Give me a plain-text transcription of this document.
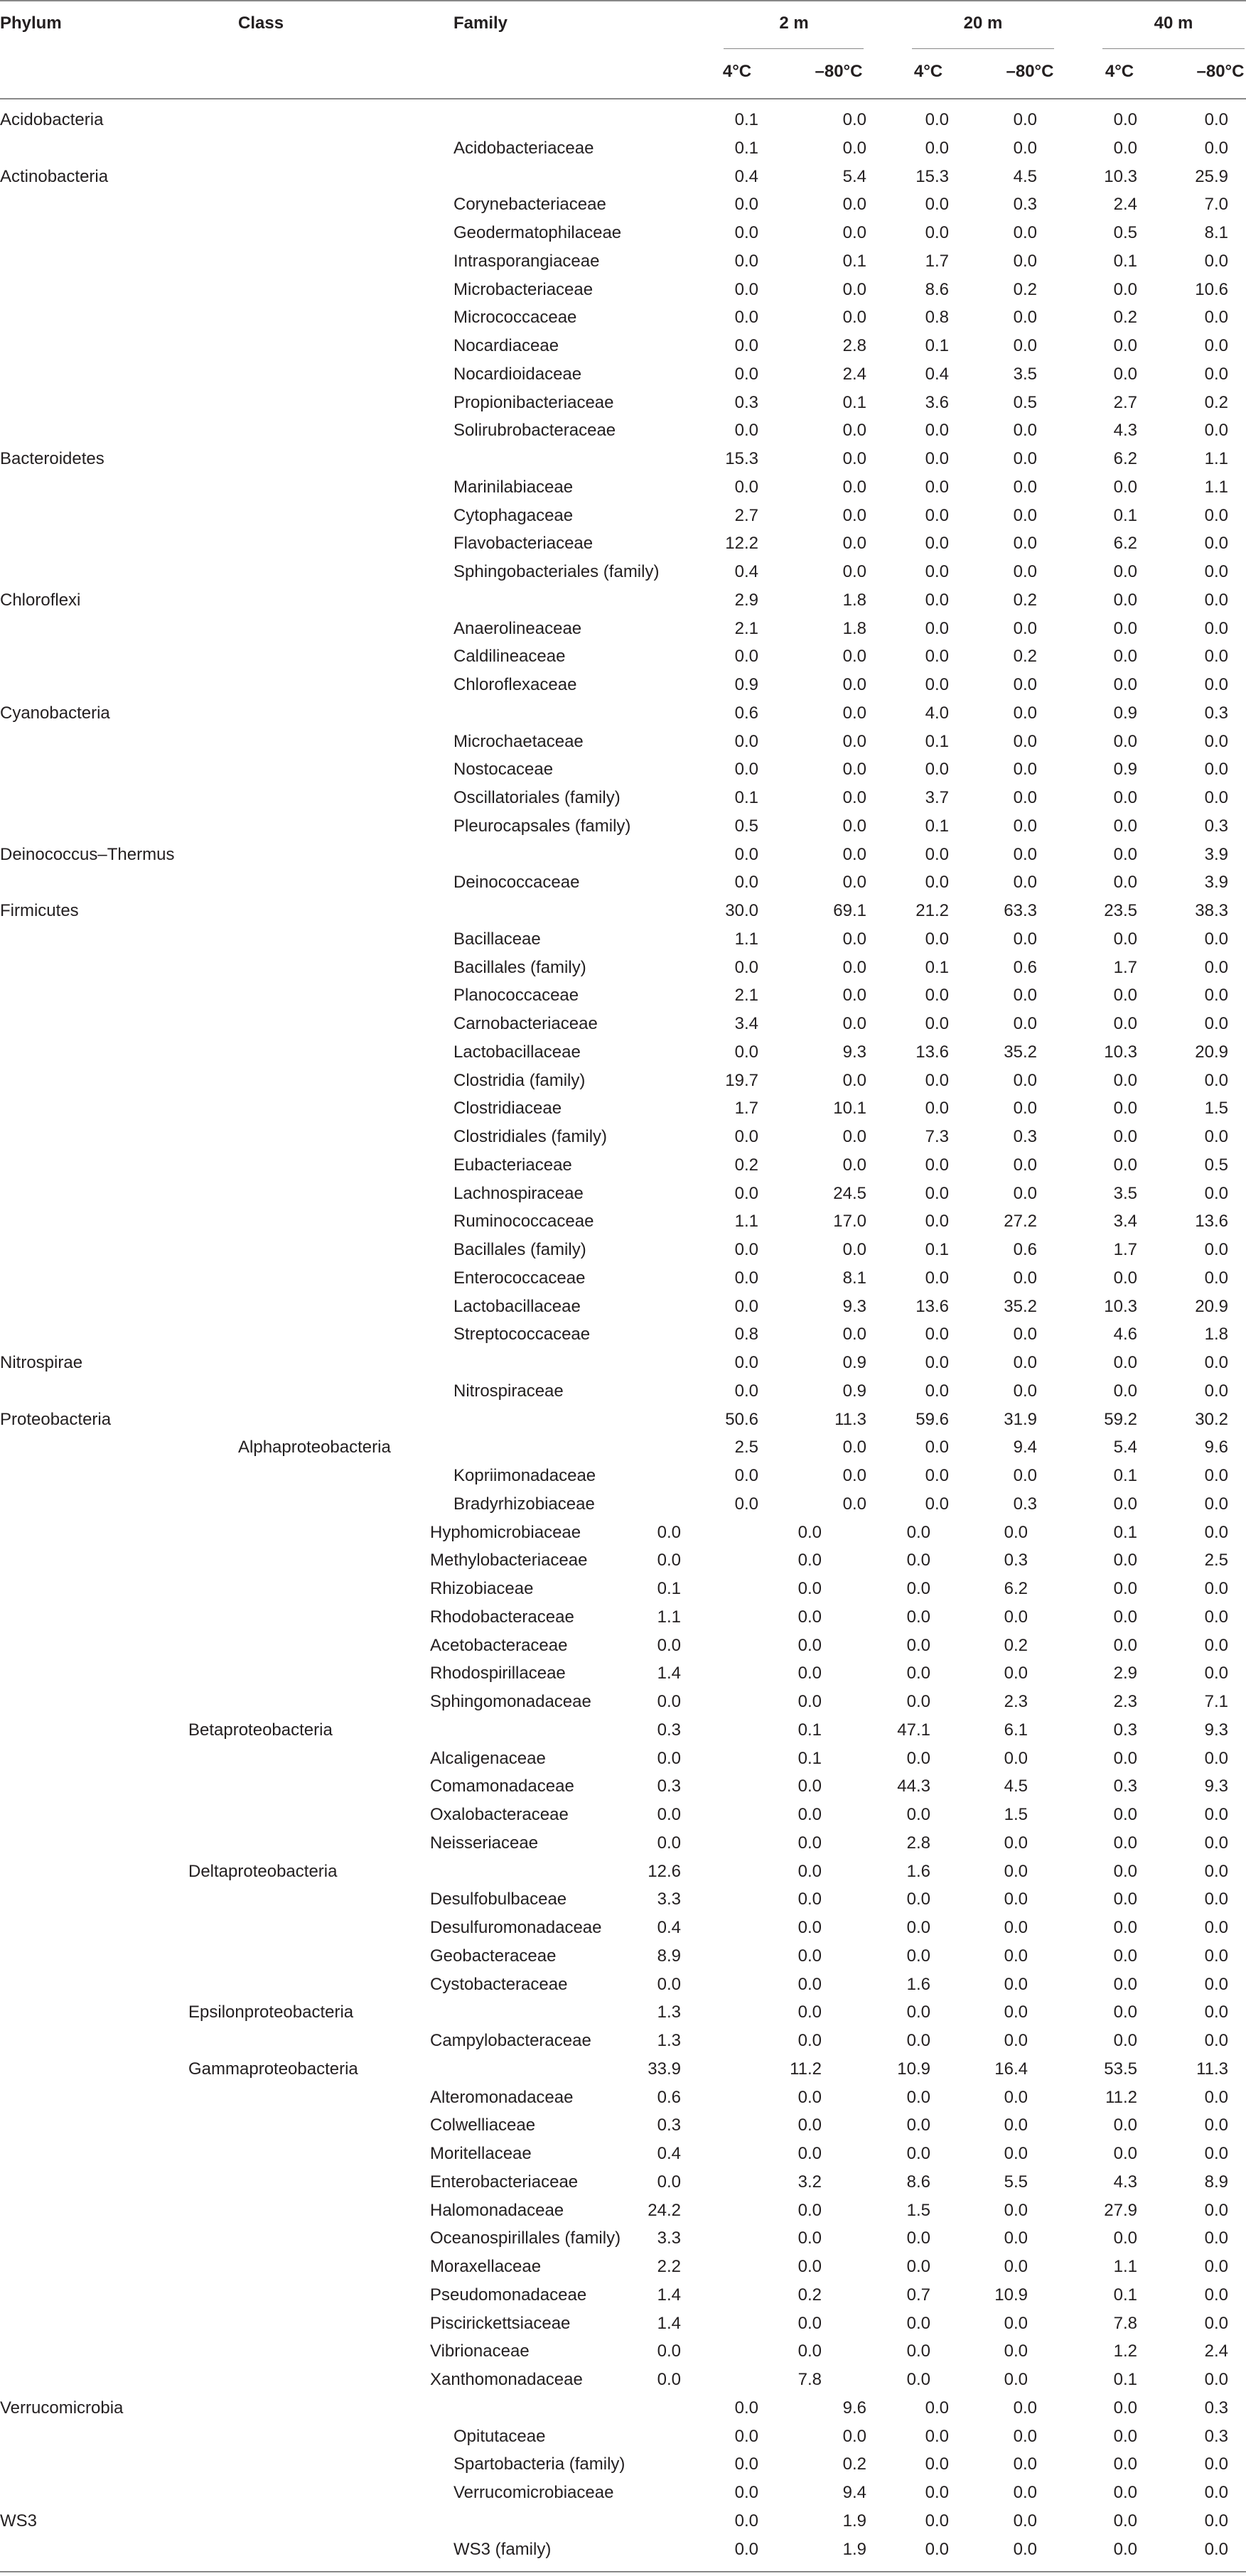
Phylum	Class	Family	2 m	20 m	40 m
4°C	–80°C	4°C	–80°C	4°C	–80°C
Acidobacteria	0.1	0.0	0.0	0.0	0.0	0.0
Acidobacteriaceae	0.1	0.0	0.0	0.0	0.0	0.0
Actinobacteria	0.4	5.4	15.3	4.5	10.3	25.9
Corynebacteriaceae	0.0	0.0	0.0	0.3	2.4	7.0
Geodermatophilaceae	0.0	0.0	0.0	0.0	0.5	8.1
Intrasporangiaceae	0.0	0.1	1.7	0.0	0.1	0.0
Microbacteriaceae	0.0	0.0	8.6	0.2	0.0	10.6
Micrococcaceae	0.0	0.0	0.8	0.0	0.2	0.0
Nocardiaceae	0.0	2.8	0.1	0.0	0.0	0.0
Nocardioidaceae	0.0	2.4	0.4	3.5	0.0	0.0
Propionibacteriaceae	0.3	0.1	3.6	0.5	2.7	0.2
Solirubrobacteraceae	0.0	0.0	0.0	0.0	4.3	0.0
Bacteroidetes	15.3	0.0	0.0	0.0	6.2	1.1
Marinilabiaceae	0.0	0.0	0.0	0.0	0.0	1.1
Cytophagaceae	2.7	0.0	0.0	0.0	0.1	0.0
Flavobacteriaceae	12.2	0.0	0.0	0.0	6.2	0.0
Sphingobacteriales (family)	0.4	0.0	0.0	0.0	0.0	0.0
Chloroflexi	2.9	1.8	0.0	0.2	0.0	0.0
Anaerolineaceae	2.1	1.8	0.0	0.0	0.0	0.0
Caldilineaceae	0.0	0.0	0.0	0.2	0.0	0.0
Chloroflexaceae	0.9	0.0	0.0	0.0	0.0	0.0
Cyanobacteria	0.6	0.0	4.0	0.0	0.9	0.3
Microchaetaceae	0.0	0.0	0.1	0.0	0.0	0.0
Nostocaceae	0.0	0.0	0.0	0.0	0.9	0.0
Oscillatoriales (family)	0.1	0.0	3.7	0.0	0.0	0.0
Pleurocapsales (family)	0.5	0.0	0.1	0.0	0.0	0.3
Deinococcus–Thermus	0.0	0.0	0.0	0.0	0.0	3.9
Deinococcaceae	0.0	0.0	0.0	0.0	0.0	3.9
Firmicutes	30.0	69.1	21.2	63.3	23.5	38.3
Bacillaceae	1.1	0.0	0.0	0.0	0.0	0.0
Bacillales (family)	0.0	0.0	0.1	0.6	1.7	0.0
Planococcaceae	2.1	0.0	0.0	0.0	0.0	0.0
Carnobacteriaceae	3.4	0.0	0.0	0.0	0.0	0.0
Lactobacillaceae	0.0	9.3	13.6	35.2	10.3	20.9
Clostridia (family)	19.7	0.0	0.0	0.0	0.0	0.0
Clostridiaceae	1.7	10.1	0.0	0.0	0.0	1.5
Clostridiales (family)	0.0	0.0	7.3	0.3	0.0	0.0
Eubacteriaceae	0.2	0.0	0.0	0.0	0.0	0.5
Lachnospiraceae	0.0	24.5	0.0	0.0	3.5	0.0
Ruminococcaceae	1.1	17.0	0.0	27.2	3.4	13.6
Bacillales (family)	0.0	0.0	0.1	0.6	1.7	0.0
Enterococcaceae	0.0	8.1	0.0	0.0	0.0	0.0
Lactobacillaceae	0.0	9.3	13.6	35.2	10.3	20.9
Streptococcaceae	0.8	0.0	0.0	0.0	4.6	1.8
Nitrospirae	0.0	0.9	0.0	0.0	0.0	0.0
Nitrospiraceae	0.0	0.9	0.0	0.0	0.0	0.0
Proteobacteria	50.6	11.3	59.6	31.9	59.2	30.2
Alphaproteobacteria	2.5	0.0	0.0	9.4	5.4	9.6
Kopriimonadaceae	0.0	0.0	0.0	0.0	0.1	0.0
Bradyrhizobiaceae	0.0	0.0	0.0	0.3	0.0	0.0
Hyphomicrobiaceae	0.0	0.0	0.0	0.0	0.1	0.0
Methylobacteriaceae	0.0	0.0	0.0	0.3	0.0	2.5
Rhizobiaceae	0.1	0.0	0.0	6.2	0.0	0.0
Rhodobacteraceae	1.1	0.0	0.0	0.0	0.0	0.0
Acetobacteraceae	0.0	0.0	0.0	0.2	0.0	0.0
Rhodospirillaceae	1.4	0.0	0.0	0.0	2.9	0.0
Sphingomonadaceae	0.0	0.0	0.0	2.3	2.3	7.1
Betaproteobacteria	0.3	0.1	47.1	6.1	0.3	9.3
Alcaligenaceae	0.0	0.1	0.0	0.0	0.0	0.0
Comamonadaceae	0.3	0.0	44.3	4.5	0.3	9.3
Oxalobacteraceae	0.0	0.0	0.0	1.5	0.0	0.0
Neisseriaceae	0.0	0.0	2.8	0.0	0.0	0.0
Deltaproteobacteria	12.6	0.0	1.6	0.0	0.0	0.0
Desulfobulbaceae	3.3	0.0	0.0	0.0	0.0	0.0
Desulfuromonadaceae	0.4	0.0	0.0	0.0	0.0	0.0
Geobacteraceae	8.9	0.0	0.0	0.0	0.0	0.0
Cystobacteraceae	0.0	0.0	1.6	0.0	0.0	0.0
Epsilonproteobacteria	1.3	0.0	0.0	0.0	0.0	0.0
Campylobacteraceae	1.3	0.0	0.0	0.0	0.0	0.0
Gammaproteobacteria	33.9	11.2	10.9	16.4	53.5	11.3
Alteromonadaceae	0.6	0.0	0.0	0.0	11.2	0.0
Colwelliaceae	0.3	0.0	0.0	0.0	0.0	0.0
Moritellaceae	0.4	0.0	0.0	0.0	0.0	0.0
Enterobacteriaceae	0.0	3.2	8.6	5.5	4.3	8.9
Halomonadaceae	24.2	0.0	1.5	0.0	27.9	0.0
Oceanospirillales (family) 3.3	0.0	0.0	0.0	0.0	0.0
Moraxellaceae	2.2	0.0	0.0	0.0	1.1	0.0
Pseudomonadaceae	1.4	0.2	0.7	10.9	0.1	0.0
Piscirickettsiaceae	1.4	0.0	0.0	0.0	7.8	0.0
Vibrionaceae	0.0	0.0	0.0	0.0	1.2	2.4
Xanthomonadaceae	0.0	7.8	0.0	0.0	0.1	0.0
Verrucomicrobia	0.0	9.6	0.0	0.0	0.0	0.3
Opitutaceae	0.0	0.0	0.0	0.0	0.0	0.3
Spartobacteria (family)	0.0	0.2	0.0	0.0	0.0	0.0
Verrucomicrobiaceae	0.0	9.4	0.0	0.0	0.0	0.0
WS3	0.0	1.9	0.0	0.0	0.0	0.0
WS3 (family)	0.0	1.9	0.0	0.0	0.0	0.0
